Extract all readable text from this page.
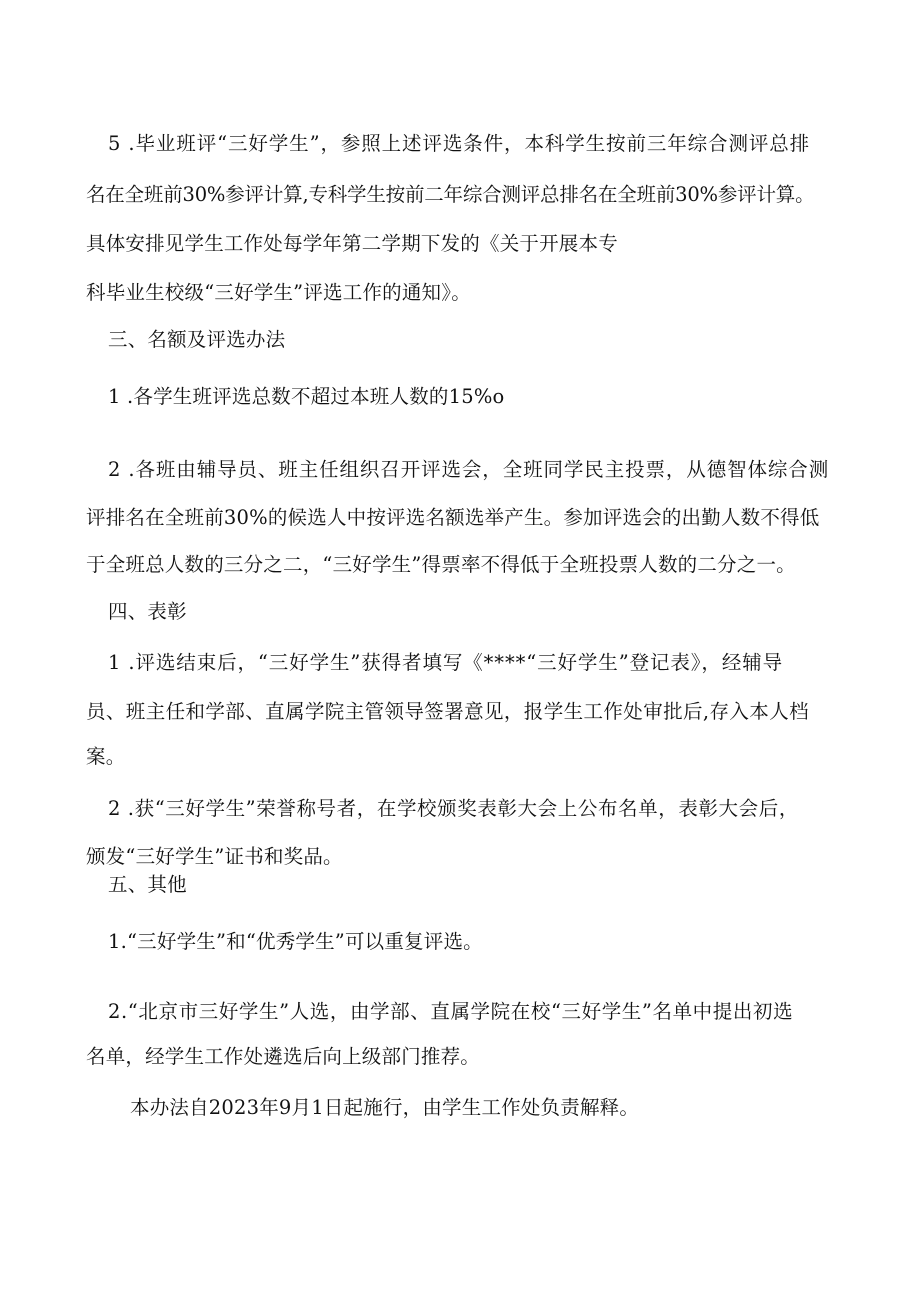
5 .毕业班评“三好学生”，参照上述评选条件，本科学生按前三年综合测评总排
名在全班前30%参评计算,专科学生按前二年综合测评总排名在全班前30%参评计算。
具体安排见学生工作处每学年第二学期下发的《关于开展本专
科毕业生校级“三好学生”评选工作的通知》。
三、名额及评选办法
1 .各学生班评选总数不超过本班人数的15%o
2 .各班由辅导员、班主任组织召开评选会，全班同学民主投票，从德智体综合测
评排名在全班前30%的候选人中按评选名额选举产生。参加评选会的出勤人数不得低
于全班总人数的三分之二，“三好学生”得票率不得低于全班投票人数的二分之一。
四、表彰
1 .评选结束后，“三好学生”获得者填写《****“三好学生”登记表》，经辅导
员、班主任和学部、直属学院主管领导签署意见，报学生工作处审批后,存入本人档
案。
2 .获“三好学生”荣誉称号者，在学校颁奖表彰大会上公布名单，表彰大会后，
颁发“三好学生”证书和奖品。
五、其他
1.“三好学生”和“优秀学生”可以重复评选。
2.“北京市三好学生”人选，由学部、直属学院在校“三好学生”名单中提出初选
名单，经学生工作处遴选后向上级部门推荐。
本办法自2023年9月1日起施行，由学生工作处负责解释。
